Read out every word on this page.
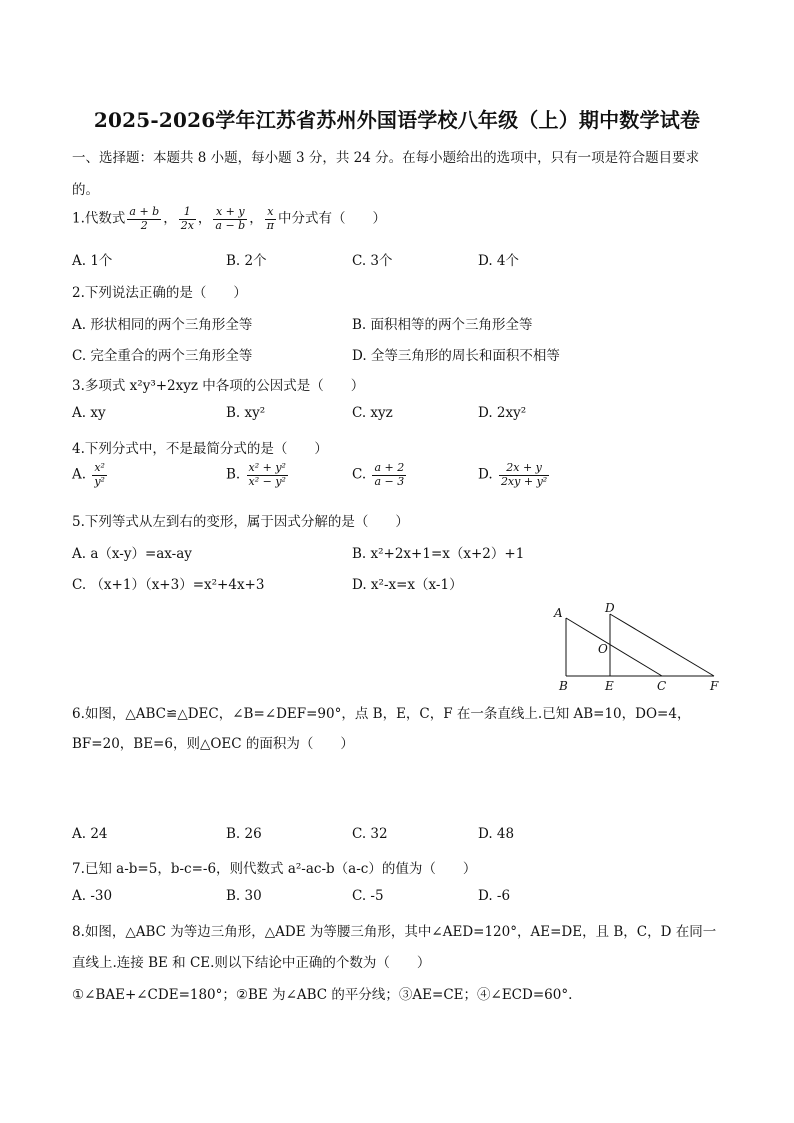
2025-2026学年江苏省苏州外国语学校八年级（上）期中数学试卷
一、选择题：本题共 8 小题，每小题 3 分，共 24 分。在每小题给出的选项中，只有一项是符合题目要求
的。
1.代数式 $\frac{a + b}{2}$ ， $\frac{1}{2x}$ ， $\frac{x + y}{a - b}$ ， $\frac{x}{\pi}$ 中分式有（　　）
A. 1个	B. 2个	C. 3个	D. 4个
2.下列说法正确的是（　　）
A. 形状相同的两个三角形全等	B. 面积相等的两个三角形全等
C. 完全重合的两个三角形全等	D. 全等三角形的周长和面积不相等
3.多项式 x²y³+2xyz 中各项的公因式是（　　）
A. xy	B. xy²	C. xyz	D. 2xy²
4.下列分式中，不是最简分式的是（　　）
A. $\frac{\text{x²}}{\text{y²}}$	B. $\frac{\text{x² + y²}}{\text{x² − y²}}$	C. $\frac{a + 2}{a - 3}$	D. $\frac{2x + y}{\text{2xy + y²}}$
5.下列等式从左到右的变形，属于因式分解的是（　　）
A. a（x-y）=ax-ay	B. x²+2x+1=x（x+2）+1
C. （x+1）（x+3）=x²+4x+3	D. x²-x=x（x-1）
A	D
O
B	E	C	F
6.如图，△ABC≌△DEC，∠B=∠DEF=90°，点 B，E，C，F 在一条直线上.已知 AB=10，DO=4，
BF=20，BE=6，则△OEC 的面积为（　　）
A. 24	B. 26	C. 32	D. 48
7.已知 a-b=5，b-c=-6，则代数式 a²-ac-b（a-c）的值为（　　）
A. -30	B. 30	C. -5	D. -6
8.如图，△ABC 为等边三角形，△ADE 为等腰三角形，其中∠AED=120°，AE=DE，且 B，C，D 在同一
直线上.连接 BE 和 CE.则以下结论中正确的个数为（　　）
①∠BAE+∠CDE=180°；②BE 为∠ABC 的平分线；③AE=CE；④∠ECD=60°.
